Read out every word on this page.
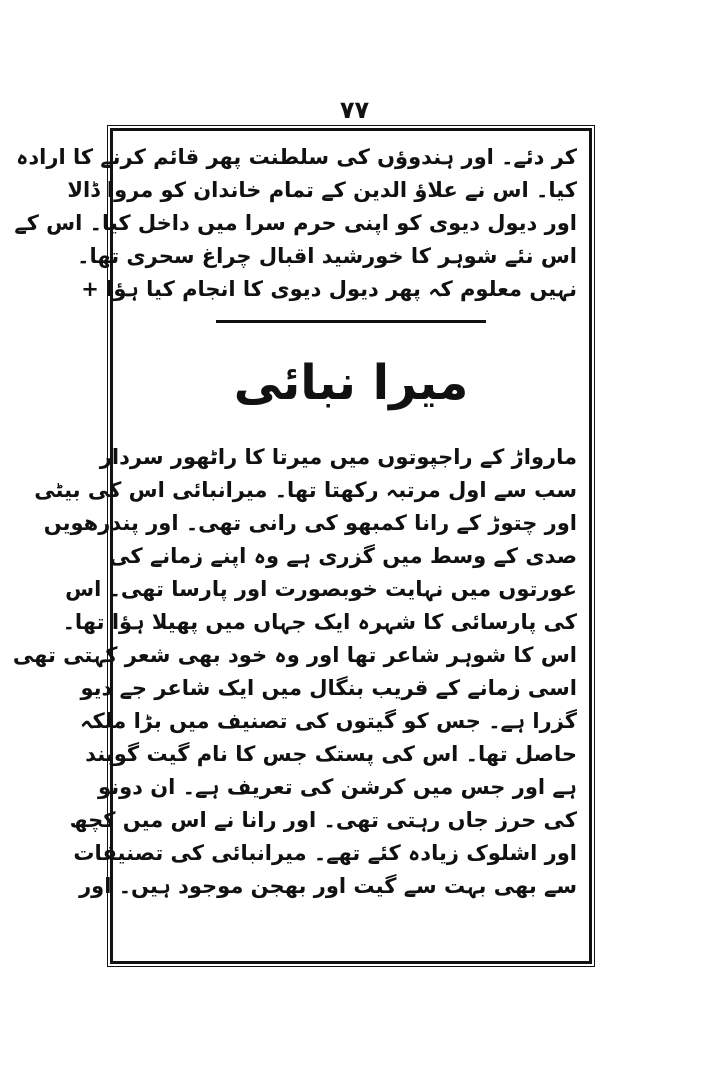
۷۷

کر دئے۔ اور ہندوؤں کی سلطنت پھر قائم کرنے کا ارادہ

کیا۔ اس نے علاؤ الدین کے تمام خاندان کو مروا ڈالا

اور دیول دیوی کو اپنی حرم سرا میں داخل کیا۔ اس کے

اس نئے شوہر کا خورشید اقبال چراغ سحری تھا۔

نہیں معلوم کہ پھر دیول دیوی کا انجام کیا ہؤا +

میرا نبائی

مارواڑ کے راجپوتوں میں میرتا کا راٹھور سردار

سب سے اول مرتبہ رکھتا تھا۔ میرانبائی اس کی بیٹی

اور چتوڑ کے رانا کمبھو کی رانی تھی۔ اور پندرھویں

صدی کے وسط میں گزری ہے وہ اپنے زمانے کی

عورتوں میں نہایت خوبصورت اور پارسا تھی۔ اس

کی پارسائی کا شہرہ ایک جہاں میں پھیلا ہؤا تھا۔

اس کا شوہر شاعر تھا اور وہ خود بھی شعر کہتی تھی

اسی زمانے کے قریب بنگال میں ایک شاعر جے دیو

گزرا ہے۔ جس کو گیتوں کی تصنیف میں بڑا ملکہ

حاصل تھا۔ اس کی پستک جس کا نام گیت گوبند

ہے اور جس میں کرشن کی تعریف ہے۔ ان دونو

کی حرز جاں رہتی تھی۔ اور رانا نے اس میں کچھ

اور اشلوک زیادہ کئے تھے۔ میرانبائی کی تصنیفات

سے بھی بہت سے گیت اور بھجن موجود ہیں۔ اور
